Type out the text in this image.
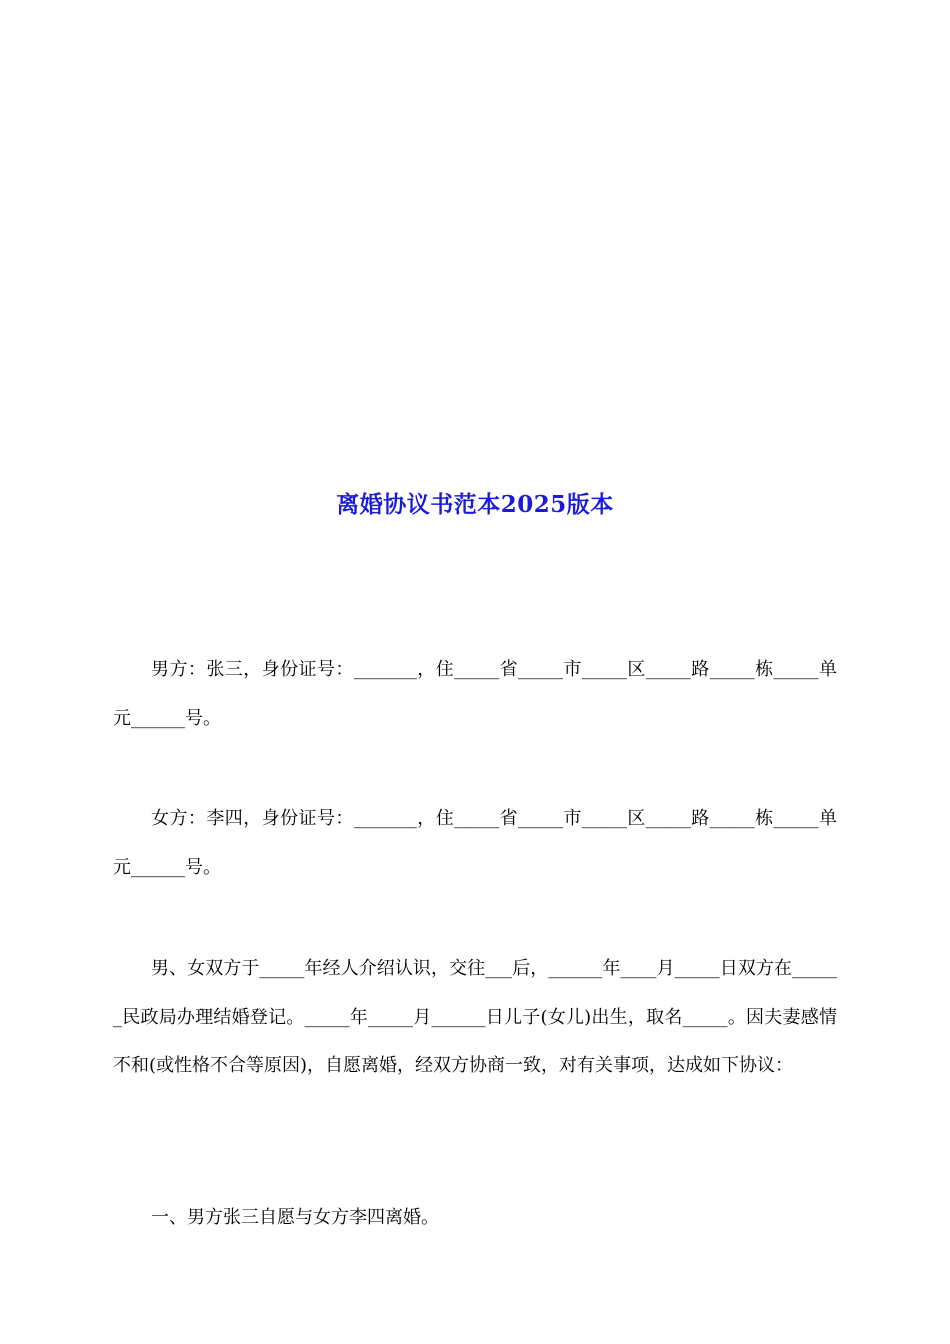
离婚协议书范本2025版本
男方：张三，身份证号：_______，住_____省_____市_____区_____路_____栋_____单元______号。
女方：李四，身份证号：_______，住_____省_____市_____区_____路_____栋_____单元______号。
男、女双方于_____年经人介绍认识，交往___后，______年____月_____日双方在______民政局办理结婚登记。_____年_____月______日儿子(女儿)出生，取名_____。因夫妻感情不和(或性格不合等原因)，自愿离婚，经双方协商一致，对有关事项，达成如下协议：
一、男方张三自愿与女方李四离婚。
